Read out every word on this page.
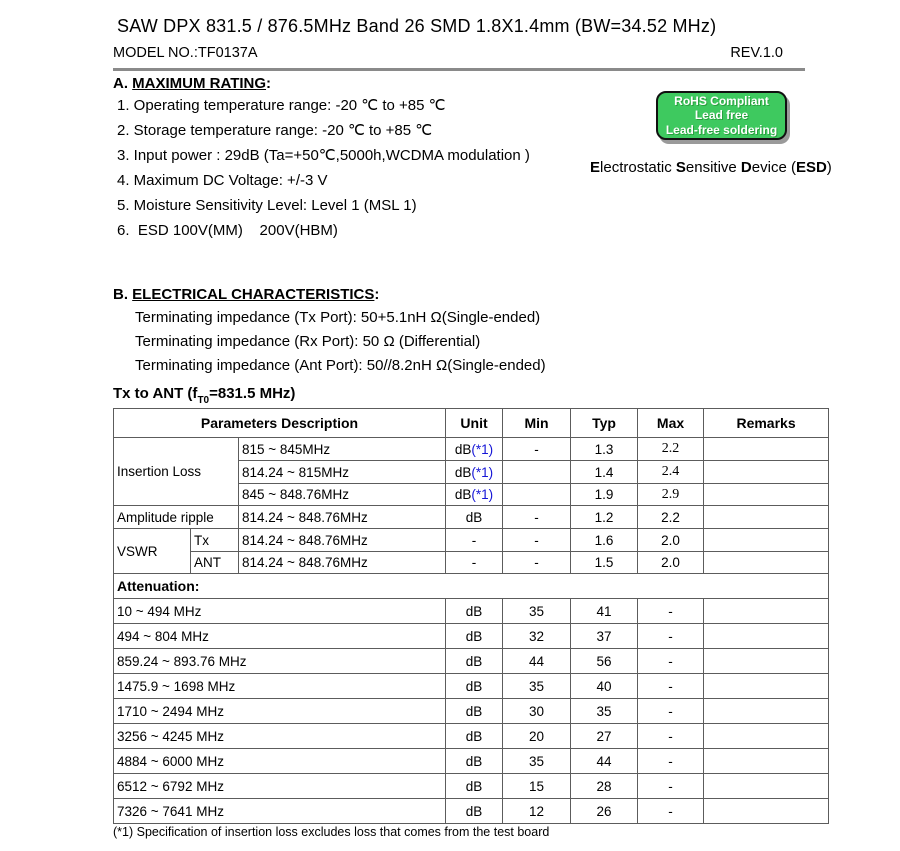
SAW DPX 831.5 / 876.5MHz Band 26 SMD 1.8X1.4mm (BW=34.52 MHz)
MODEL NO.:TF0137A	REV.1.0
A. MAXIMUM RATING:
1. Operating temperature range: -20 ℃ to +85 ℃
2. Storage temperature range: -20 ℃ to +85 ℃
3. Input power : 29dB (Ta=+50℃,5000h,WCDMA modulation )
4. Maximum DC Voltage: +/-3 V
5. Moisture Sensitivity Level: Level 1 (MSL 1)
6.  ESD 100V(MM)    200V(HBM)
RoHS Compliant
Lead free
Lead-free soldering
Electrostatic Sensitive Device (ESD)
B. ELECTRICAL CHARACTERISTICS:
Terminating impedance (Tx Port): 50+5.1nH Ω(Single-ended)
Terminating impedance (Rx Port): 50 Ω (Differential)
Terminating impedance (Ant Port): 50//8.2nH Ω(Single-ended)
Tx to ANT ($f_{T0}=831.5$ MHz)
Parameters Description			Unit	Min	Typ	Max	Remarks
Insertion Loss		815 ~ 845MHz	dB(*1)	-	1.3	2.2	
		814.24 ~ 815MHz	dB(*1)		1.4	2.4	
		845 ~ 848.76MHz	dB(*1)		1.9	2.9	
Amplitude ripple		814.24 ~ 848.76MHz	dB	-	1.2	2.2	
VSWR	Tx	814.24 ~ 848.76MHz	-	-	1.6	2.0	
	ANT	814.24 ~ 848.76MHz	-	-	1.5	2.0	
Attenuation:							
10 ~ 494 MHz			dB	35	41	-	
494 ~ 804 MHz			dB	32	37	-	
859.24 ~ 893.76 MHz			dB	44	56	-	
1475.9 ~ 1698 MHz			dB	35	40	-	
1710 ~ 2494 MHz			dB	30	35	-	
3256 ~ 4245 MHz			dB	20	27	-	
4884 ~ 6000 MHz			dB	35	44	-	
6512 ~ 6792 MHz			dB	15	28	-	
7326 ~ 7641 MHz			dB	12	26	-	
(*1) Specification of insertion loss excludes loss that comes from the test board
